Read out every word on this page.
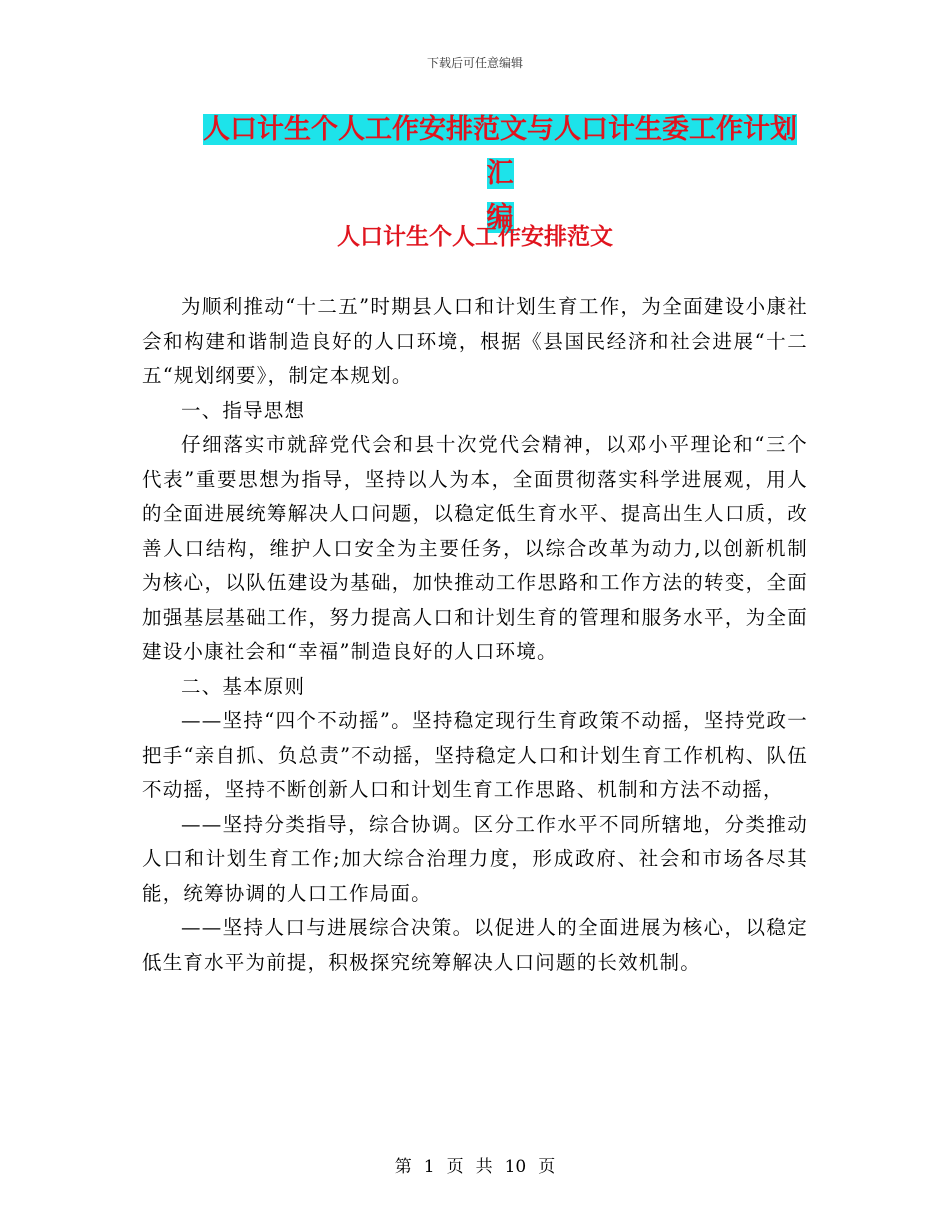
下载后可任意编辑
人口计生个人工作安排范文与人口计生委工作计划汇
编
人口计生个人工作安排范文

为顺利推动“十二五”时期县人口和计划生育工作，为全面建设小康社会和构建和谐制造良好的人口环境，根据《县国民经济和社会进展“十二五“规划纲要》，制定本规划。

一、指导思想

仔细落实市就辞党代会和县十次党代会精神，以邓小平理论和“三个代表”重要思想为指导，坚持以人为本，全面贯彻落实科学进展观，用人的全面进展统筹解决人口问题，以稳定低生育水平、提高出生人口质，改善人口结构，维护人口安全为主要任务，以综合改革为动力,以创新机制为核心，以队伍建设为基础，加快推动工作思路和工作方法的转变，全面加强基层基础工作，努力提高人口和计划生育的管理和服务水平，为全面建设小康社会和“幸福”制造良好的人口环境。

二、基本原则

——坚持“四个不动摇”。坚持稳定现行生育政策不动摇，坚持党政一把手“亲自抓、负总责”不动摇，坚持稳定人口和计划生育工作机构、队伍不动摇，坚持不断创新人口和计划生育工作思路、机制和方法不动摇，

——坚持分类指导，综合协调。区分工作水平不同所辖地，分类推动人口和计划生育工作;加大综合治理力度，形成政府、社会和市场各尽其能，统筹协调的人口工作局面。

——坚持人口与进展综合决策。以促进人的全面进展为核心，以稳定低生育水平为前提，积极探究统筹解决人口问题的长效机制。

第 1 页 共 10 页
